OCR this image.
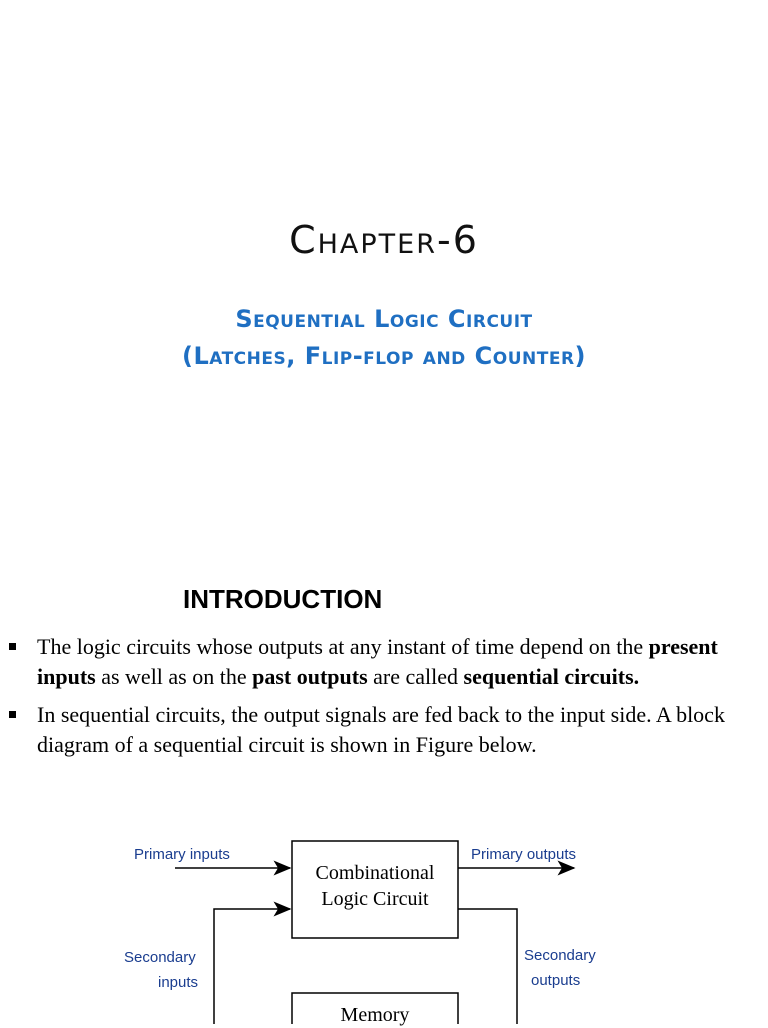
Chapter-6
Sequential Logic Circuit
(Latches, Flip-flop and Counter)
INTRODUCTION
The logic circuits whose outputs at any instant of time depend on the present inputs as well as on the past outputs are called sequential circuits.
In sequential circuits, the output signals are fed back to the input side. A block diagram of a sequential circuit is shown in Figure below.
Primary inputs	Primary outputs
Secondary
inputs
Secondary
outputs
Combinational
Logic Circuit
Memory
